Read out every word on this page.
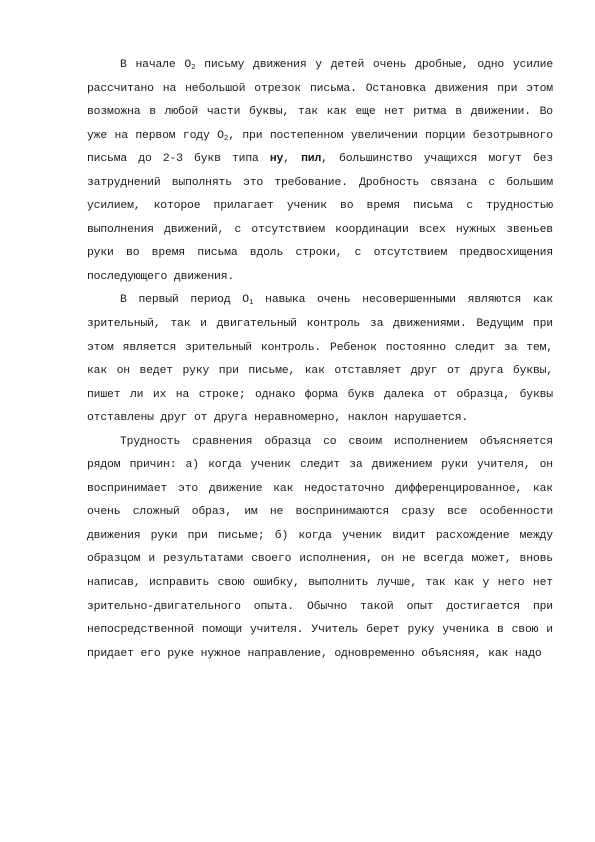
В начале $О_2$ письму движения у детей очень дробные, одно усилие рассчитано на небольшой отрезок письма. Остановка движения при этом возможна в любой части буквы, так как еще нет ритма в движении. Во уже на первом году $О_2$, при постепенном увеличении порции безотрывного письма до 2-3 букв типа ну, пил, большинство учащихся могут без затруднений выполнять это требование. Дробность связана с большим усилием, которое прилагает ученик во время письма с трудностью выполнения движений, с отсутствием координации всех нужных звеньев руки во время письма вдоль строки, с отсутствием предвосхищения последующего движения.

В первый период $О_1$ навыка очень несовершенными являются как зрительный, так и двигательный контроль за движениями. Ведущим при этом является зрительный контроль. Ребенок постоянно следит за тем, как он ведет руку при письме, как отставляет друг от друга буквы, пишет ли их на строке; однако форма букв далека от образца, буквы отставлены друг от друга неравномерно, наклон нарушается.

Трудность сравнения образца со своим исполнением объясняется рядом причин: а) когда ученик следит за движением руки учителя, он воспринимает это движение как недостаточно дифференцированное, как очень сложный образ, им не воспринимаются сразу все особенности движения руки при письме; б) когда ученик видит расхождение между образцом и результатами своего исполнения, он не всегда может, вновь написав, исправить свою ошибку, выполнить лучше, так как у него нет зрительно-двигательного опыта. Обычно такой опыт достигается при непосредственной помощи учителя. Учитель берет руку ученика в свою и придает его руке нужное направление, одновременно объясняя, как надо
